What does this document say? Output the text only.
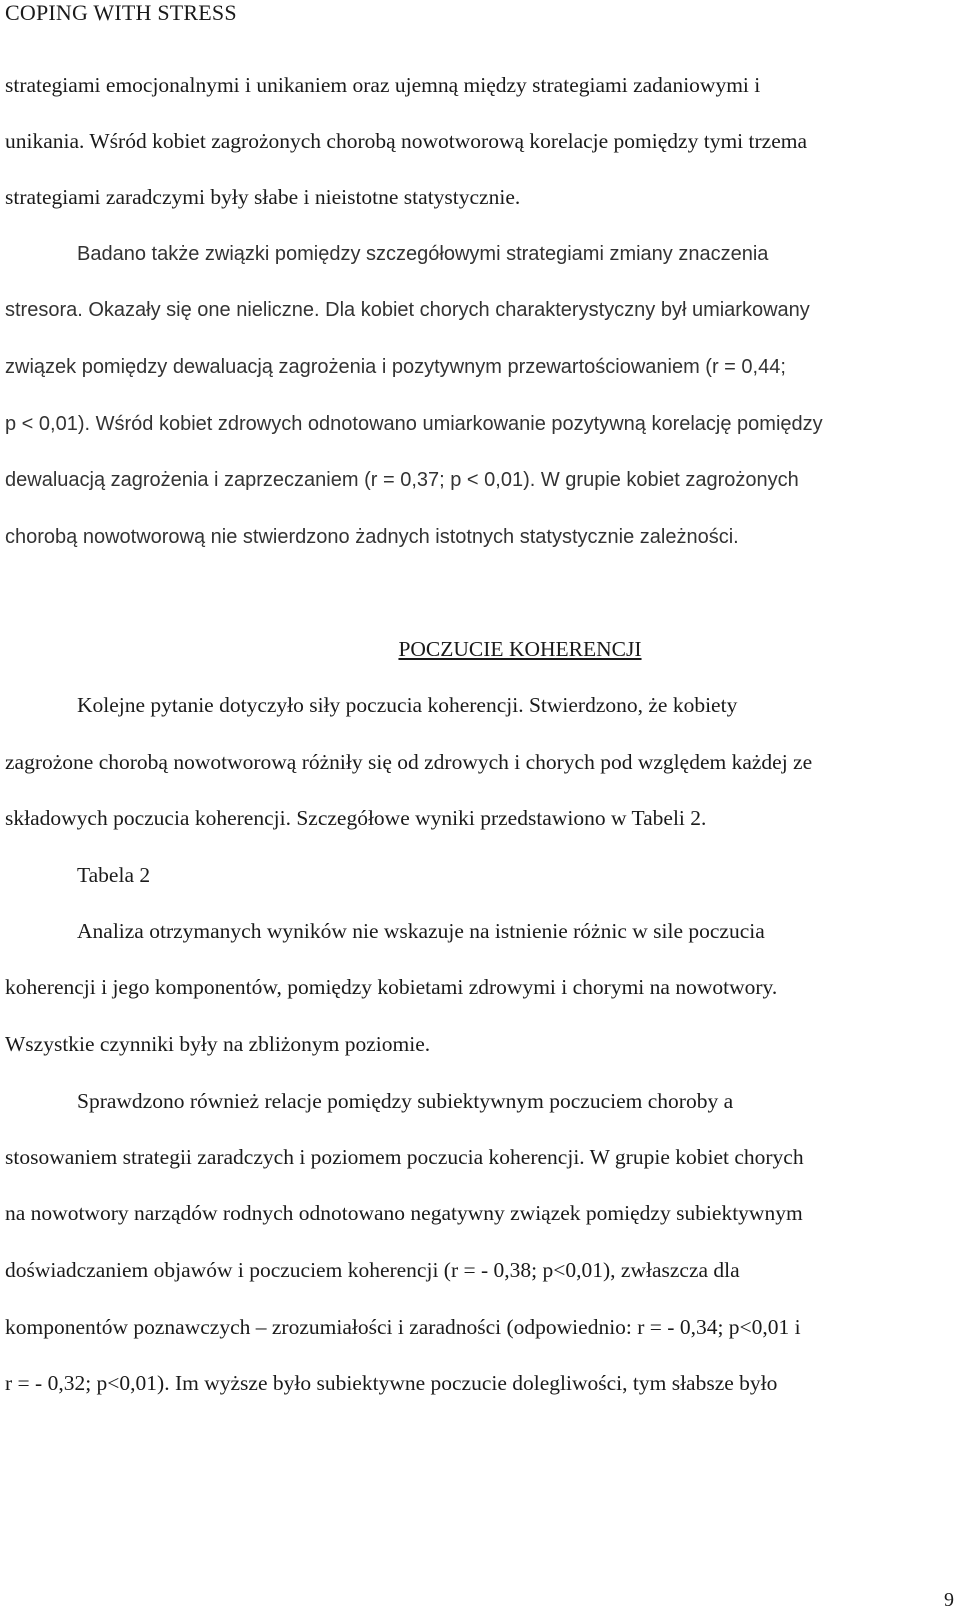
COPING WITH STRESS
strategiami emocjonalnymi i unikaniem oraz ujemną między strategiami zadaniowymi i
unikania. Wśród kobiet zagrożonych chorobą nowotworową korelacje pomiędzy tymi trzema
strategiami zaradczymi były słabe i nieistotne statystycznie.
Badano także związki pomiędzy szczegółowymi strategiami zmiany znaczenia
stresora. Okazały się one nieliczne. Dla kobiet chorych charakterystyczny był umiarkowany
związek pomiędzy dewaluacją zagrożenia i pozytywnym przewartościowaniem (r = 0,44;
p < 0,01). Wśród kobiet zdrowych odnotowano umiarkowanie pozytywną korelację pomiędzy
dewaluacją zagrożenia i zaprzeczaniem (r = 0,37; p < 0,01). W grupie kobiet zagrożonych
chorobą nowotworową nie stwierdzono żadnych istotnych statystycznie zależności.
POCZUCIE KOHERENCJI
Kolejne pytanie dotyczyło siły poczucia koherencji. Stwierdzono, że kobiety
zagrożone chorobą nowotworową różniły się od zdrowych i chorych pod względem każdej ze
składowych poczucia koherencji. Szczegółowe wyniki przedstawiono w Tabeli 2.
Tabela 2
Analiza otrzymanych wyników nie wskazuje na istnienie różnic w sile poczucia
koherencji i jego komponentów, pomiędzy kobietami zdrowymi i chorymi na nowotwory.
Wszystkie czynniki były na zbliżonym poziomie.
Sprawdzono również relacje pomiędzy subiektywnym poczuciem choroby a
stosowaniem strategii zaradczych i poziomem poczucia koherencji. W grupie kobiet chorych
na nowotwory narządów rodnych odnotowano negatywny związek pomiędzy subiektywnym
doświadczaniem objawów i poczuciem koherencji (r = - 0,38; p<0,01), zwłaszcza dla
komponentów poznawczych – zrozumiałości i zaradności (odpowiednio: r = - 0,34; p<0,01 i
r = - 0,32; p<0,01). Im wyższe było subiektywne poczucie dolegliwości, tym słabsze było
9
